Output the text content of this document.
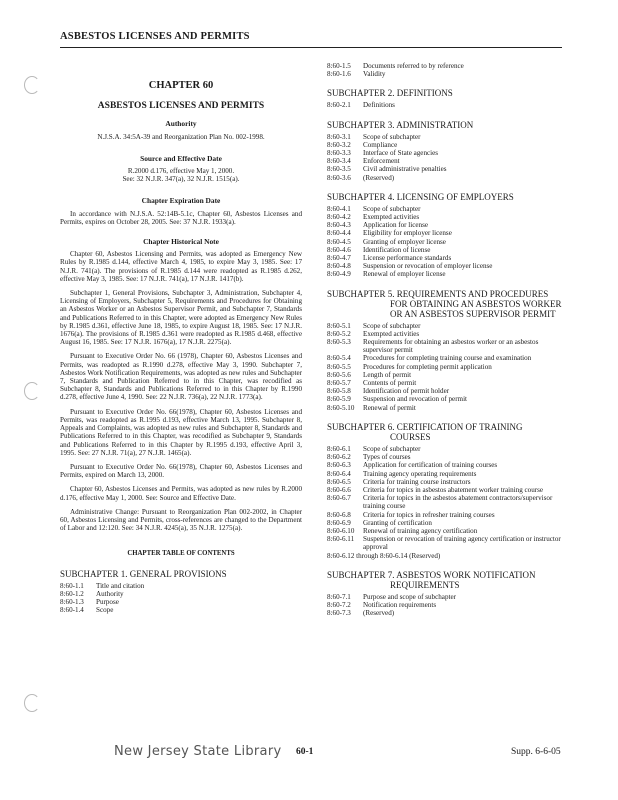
ASBESTOS LICENSES AND PERMITS
CHAPTER 60
ASBESTOS LICENSES AND PERMITS
Authority
N.J.S.A. 34:5A-39 and Reorganization Plan No. 002-1998.
Source and Effective Date
R.2000 d.176, effective May 1, 2000.
See: 32 N.J.R. 347(a), 32 N.J.R. 1515(a).
Chapter Expiration Date

In accordance with N.J.S.A. 52:14B-5.1c, Chapter 60, Asbestos Licenses and Permits, expires on October 28, 2005. See: 37 N.J.R. 1933(a).

Chapter Historical Note

Chapter 60, Asbestos Licensing and Permits, was adopted as Emergency New Rules by R.1985 d.144, effective March 4, 1985, to expire May 3, 1985. See: 17 N.J.R. 741(a). The provisions of R.1985 d.144 were readopted as R.1985 d.262, effective May 3, 1985. See: 17 N.J.R. 741(a), 17 N.J.R. 1417(b).

Subchapter 1, General Provisions, Subchapter 3, Administration, Subchapter 4, Licensing of Employers, Subchapter 5, Requirements and Procedures for Obtaining an Asbestos Worker or an Asbestos Supervisor Permit, and Subchapter 7, Standards and Publications Referred to in this Chapter, were adopted as Emergency New Rules by R.1985 d.361, effective June 18, 1985, to expire August 18, 1985. See: 17 N.J.R. 1676(a). The provisions of R.1985 d.361 were readopted as R.1985 d.468, effective August 16, 1985. See: 17 N.J.R. 1676(a), 17 N.J.R. 2275(a).

Pursuant to Executive Order No. 66 (1978), Chapter 60, Asbestos Licenses and Permits, was readopted as R.1990 d.278, effective May 3, 1990. Subchapter 7, Asbestos Work Notification Requirements, was adopted as new rules and Subchapter 7, Standards and Publication Referred to in this Chapter, was recodified as Subchapter 8, Standards and Publications Referred to in this Chapter by R.1990 d.278, effective June 4, 1990. See: 22 N.J.R. 736(a), 22 N.J.R. 1773(a).

Pursuant to Executive Order No. 66(1978), Chapter 60, Asbestos Licenses and Permits, was readopted as R.1995 d.193, effective March 13, 1995. Subchapter 8, Appeals and Complaints, was adopted as new rules and Subchapter 8, Standards and Publications Referred to in this Chapter, was recodified as Subchapter 9, Standards and Publications Referred to in this Chapter by R.1995 d.193, effective April 3, 1995. See: 27 N.J.R. 71(a), 27 N.J.R. 1465(a).

Pursuant to Executive Order No. 66(1978), Chapter 60, Asbestos Licenses and Permits, expired on March 13, 2000.

Chapter 60, Asbestos Licenses and Permits, was adopted as new rules by R.2000 d.176, effective May 1, 2000. See: Source and Effective Date.

Administrative Change: Pursuant to Reorganization Plan 002-2002, in Chapter 60, Asbestos Licensing and Permits, cross-references are changed to the Department of Labor and 12:120. See: 34 N.J.R. 4245(a), 35 N.J.R. 1275(a).

CHAPTER TABLE OF CONTENTS
SUBCHAPTER 1. GENERAL PROVISIONS
8:60-1.1	Title and citation
8:60-1.2	Authority
8:60-1.3	Purpose
8:60-1.4	Scope
8:60-1.5	Documents referred to by reference
8:60-1.6	Validity
SUBCHAPTER 2. DEFINITIONS
8:60-2.1	Definitions
SUBCHAPTER 3. ADMINISTRATION
8:60-3.1	Scope of subchapter
8:60-3.2	Compliance
8:60-3.3	Interface of State agencies
8:60-3.4	Enforcement
8:60-3.5	Civil administrative penalties
8:60-3.6	(Reserved)
SUBCHAPTER 4. LICENSING OF EMPLOYERS
8:60-4.1	Scope of subchapter
8:60-4.2	Exempted activities
8:60-4.3	Application for license
8:60-4.4	Eligibility for employer license
8:60-4.5	Granting of employer license
8:60-4.6	Identification of license
8:60-4.7	License performance standards
8:60-4.8	Suspension or revocation of employer license
8:60-4.9	Renewal of employer license
SUBCHAPTER 5. REQUIREMENTS AND PROCEDURES FOR OBTAINING AN ASBESTOS WORKER OR AN ASBESTOS SUPERVISOR PERMIT
8:60-5.1	Scope of subchapter
8:60-5.2	Exempted activities
8:60-5.3	Requirements for obtaining an asbestos worker or an asbestos supervisor permit
8:60-5.4	Procedures for completing training course and examination
8:60-5.5	Procedures for completing permit application
8:60-5.6	Length of permit
8:60-5.7	Contents of permit
8:60-5.8	Identification of permit holder
8:60-5.9	Suspension and revocation of permit
8:60-5.10	Renewal of permit
SUBCHAPTER 6. CERTIFICATION OF TRAINING COURSES
8:60-6.1	Scope of subchapter
8:60-6.2	Types of courses
8:60-6.3	Application for certification of training courses
8:60-6.4	Training agency operating requirements
8:60-6.5	Criteria for training course instructors
8:60-6.6	Criteria for topics in asbestos abatement worker training course
8:60-6.7	Criteria for topics in the asbestos abatement contractors/supervisor training course
8:60-6.8	Criteria for topics in refresher training courses
8:60-6.9	Granting of certification
8:60-6.10	Renewal of training agency certification
8:60-6.11	Suspension or revocation of training agency certification or instructor approval
8:60-6.12 through 8:60-6.14 (Reserved)
SUBCHAPTER 7. ASBESTOS WORK NOTIFICATION REQUIREMENTS
8:60-7.1	Purpose and scope of subchapter
8:60-7.2	Notification requirements
8:60-7.3	(Reserved)
New Jersey State Library 60-1	Supp. 6-6-05
